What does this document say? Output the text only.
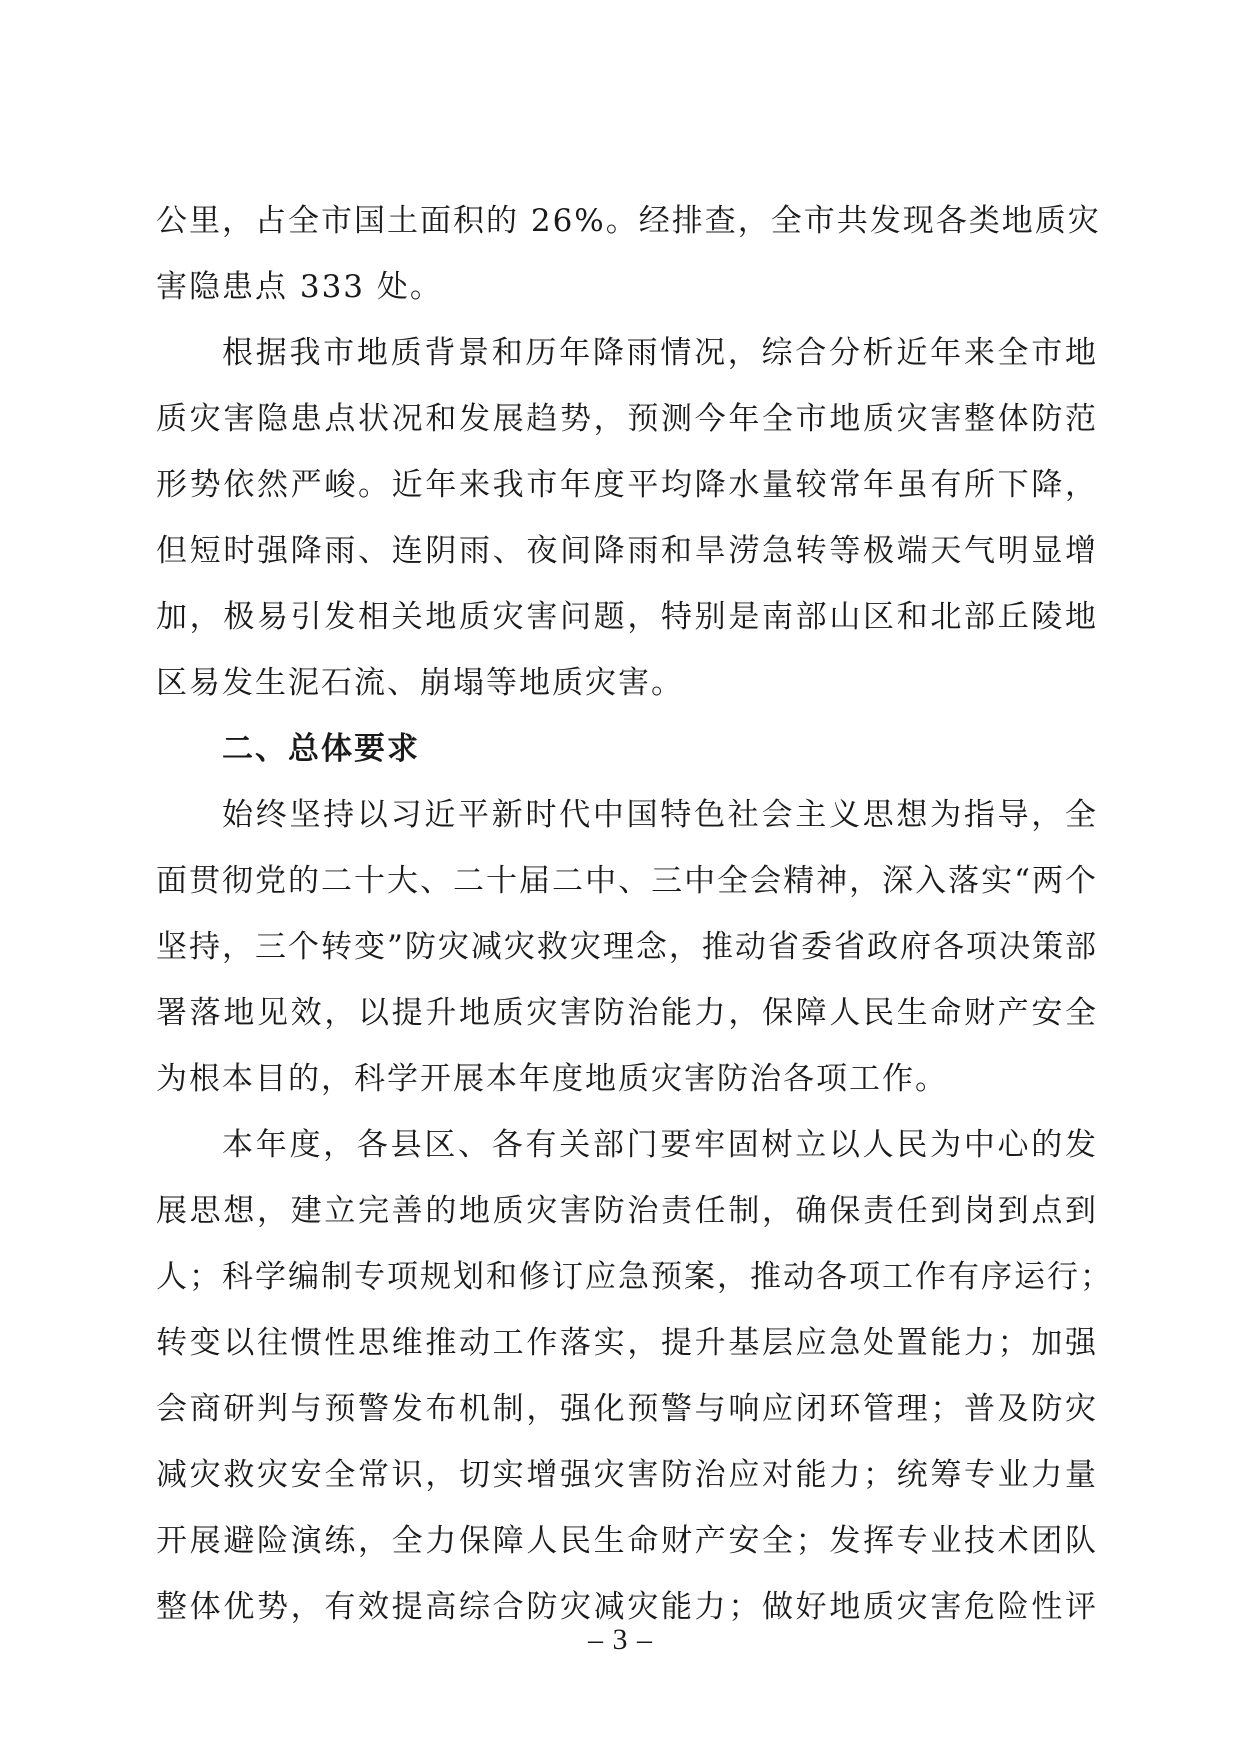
公里，占全市国土面积的 26%。经排查，全市共发现各类地质灾
害隐患点 333 处。
根据我市地质背景和历年降雨情况，综合分析近年来全市地
质灾害隐患点状况和发展趋势，预测今年全市地质灾害整体防范
形势依然严峻。近年来我市年度平均降水量较常年虽有所下降，
但短时强降雨、连阴雨、夜间降雨和旱涝急转等极端天气明显增
加，极易引发相关地质灾害问题，特别是南部山区和北部丘陵地
区易发生泥石流、崩塌等地质灾害。
二、总体要求
始终坚持以习近平新时代中国特色社会主义思想为指导，全
面贯彻党的二十大、二十届二中、三中全会精神，深入落实“两个
坚持，三个转变”防灾减灾救灾理念，推动省委省政府各项决策部
署落地见效，以提升地质灾害防治能力，保障人民生命财产安全
为根本目的，科学开展本年度地质灾害防治各项工作。
本年度，各县区、各有关部门要牢固树立以人民为中心的发
展思想，建立完善的地质灾害防治责任制，确保责任到岗到点到
人；科学编制专项规划和修订应急预案，推动各项工作有序运行；
转变以往惯性思维推动工作落实，提升基层应急处置能力；加强
会商研判与预警发布机制，强化预警与响应闭环管理；普及防灾
减灾救灾安全常识，切实增强灾害防治应对能力；统筹专业力量
开展避险演练，全力保障人民生命财产安全；发挥专业技术团队
整体优势，有效提高综合防灾减灾能力；做好地质灾害危险性评
– 3 –
